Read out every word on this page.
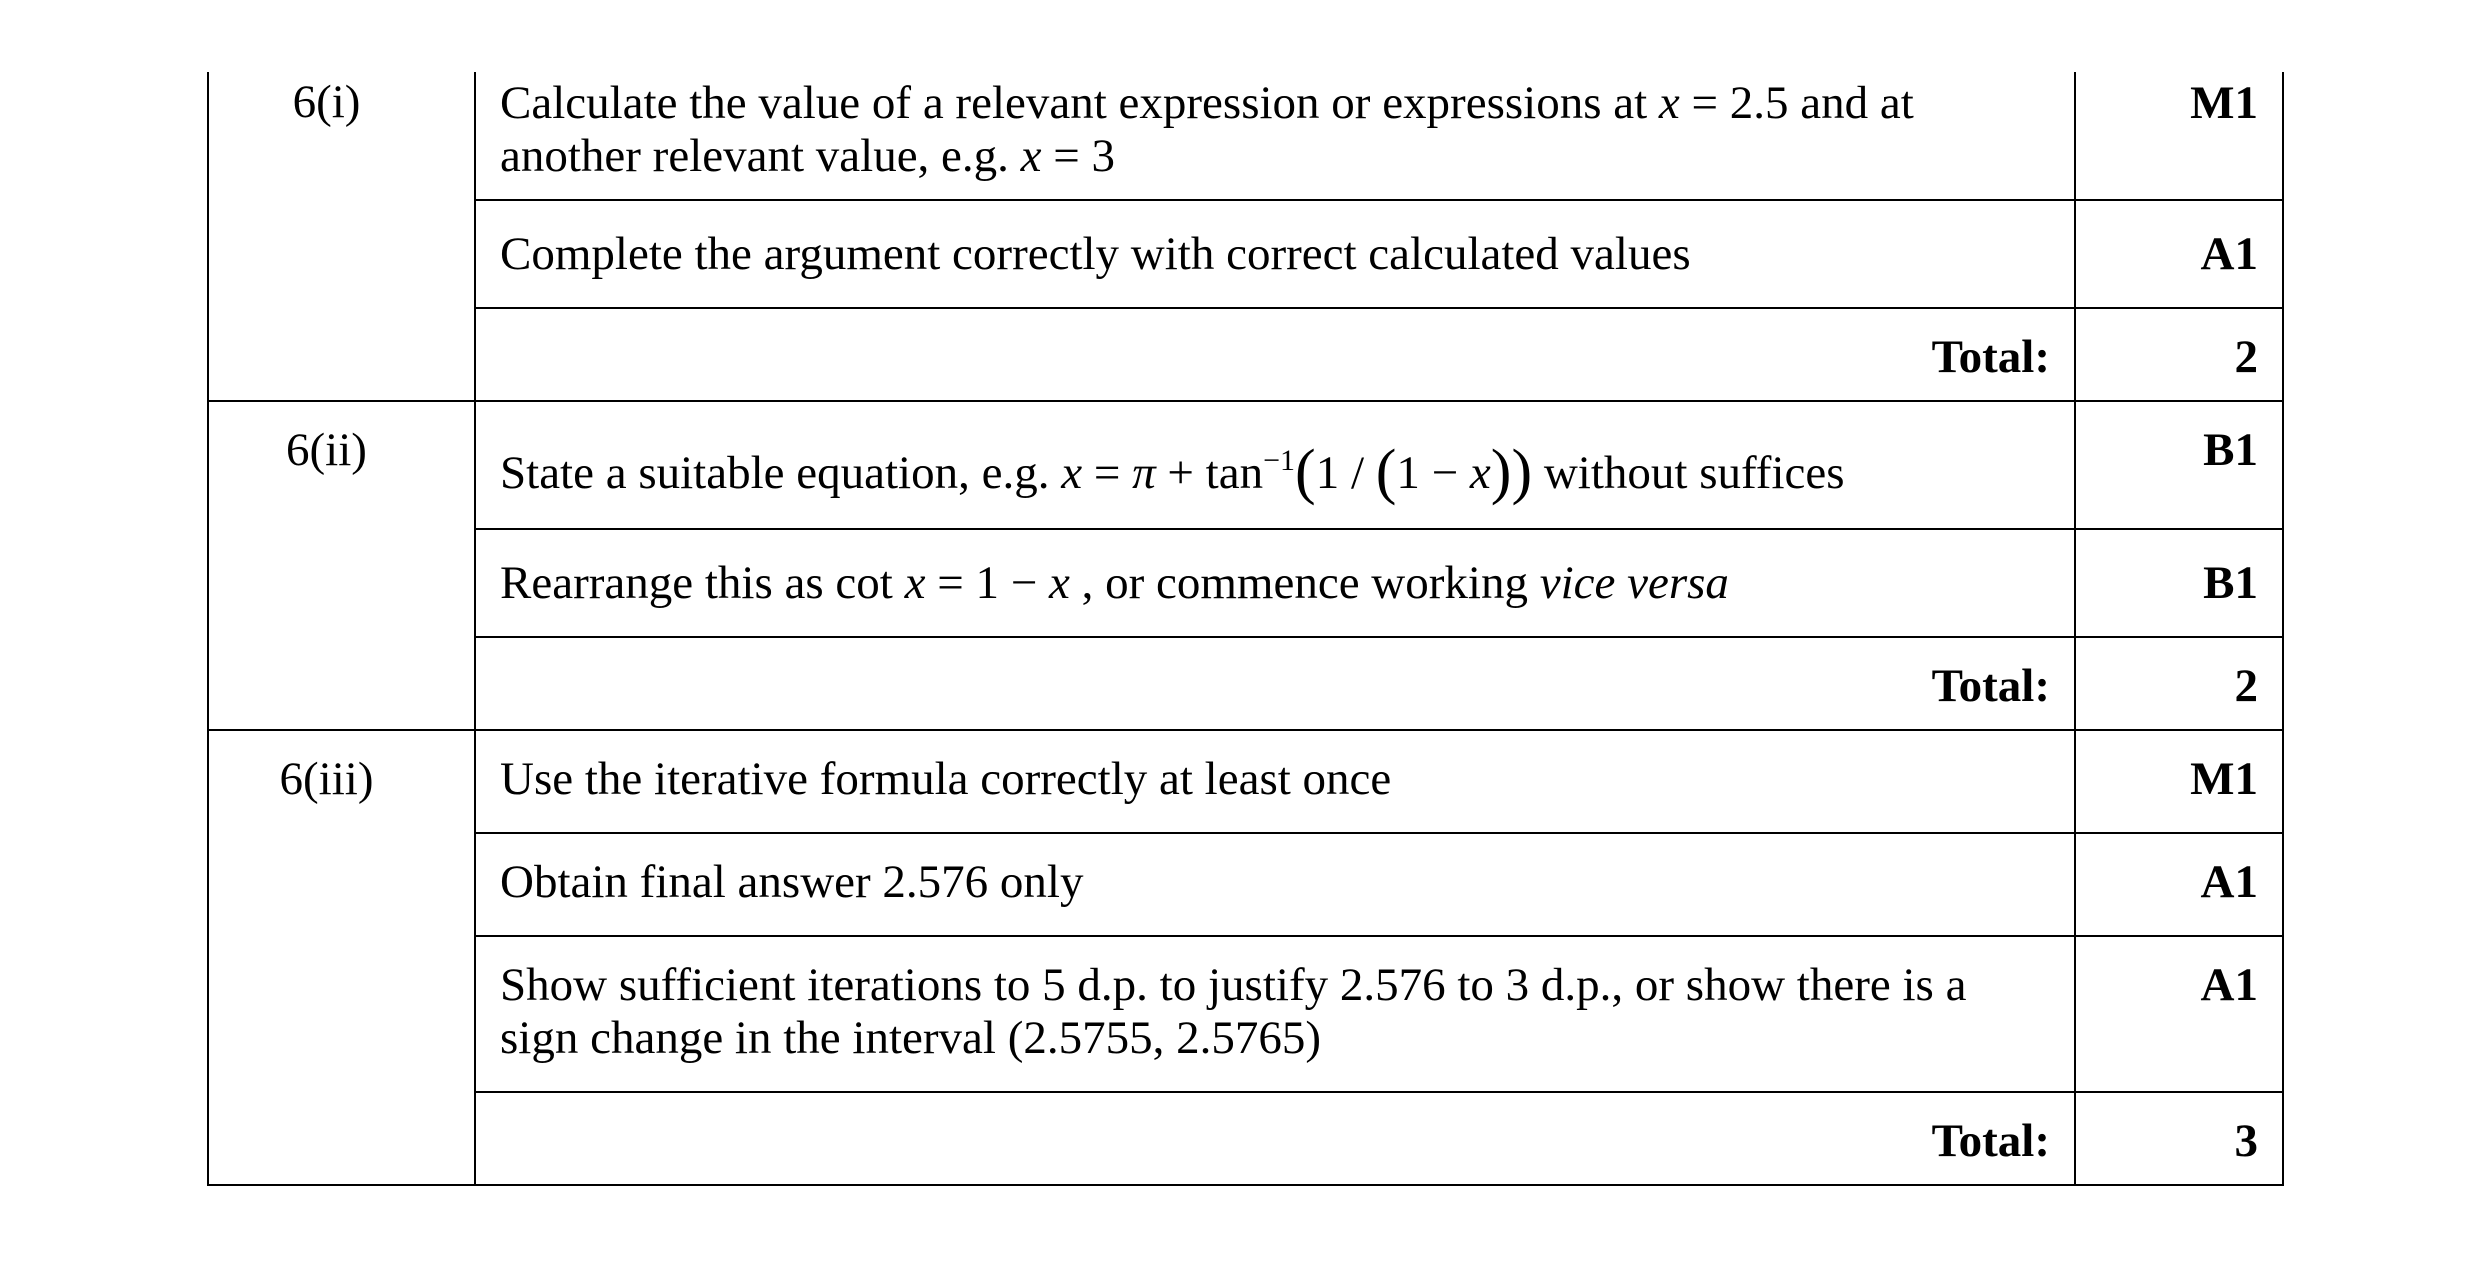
6(i)	Calculate the value of a relevant expression or expressions at x = 2.5 and at another relevant value, e.g. x = 3	M1
	Complete the argument correctly with correct calculated values	A1
	Total:	2
6(ii)	State a suitable equation, e.g. $x = \pi + \tan^{-1}(1 / (1 - x))$ without suffices	B1
	Rearrange this as cot x = 1 − x , or commence working vice versa	B1
	Total:	2
6(iii)	Use the iterative formula correctly at least once	M1
	Obtain final answer 2.576 only	A1
	Show sufficient iterations to 5 d.p. to justify 2.576 to 3 d.p., or show there is a sign change in the interval (2.5755, 2.5765)	A1
	Total:	3
